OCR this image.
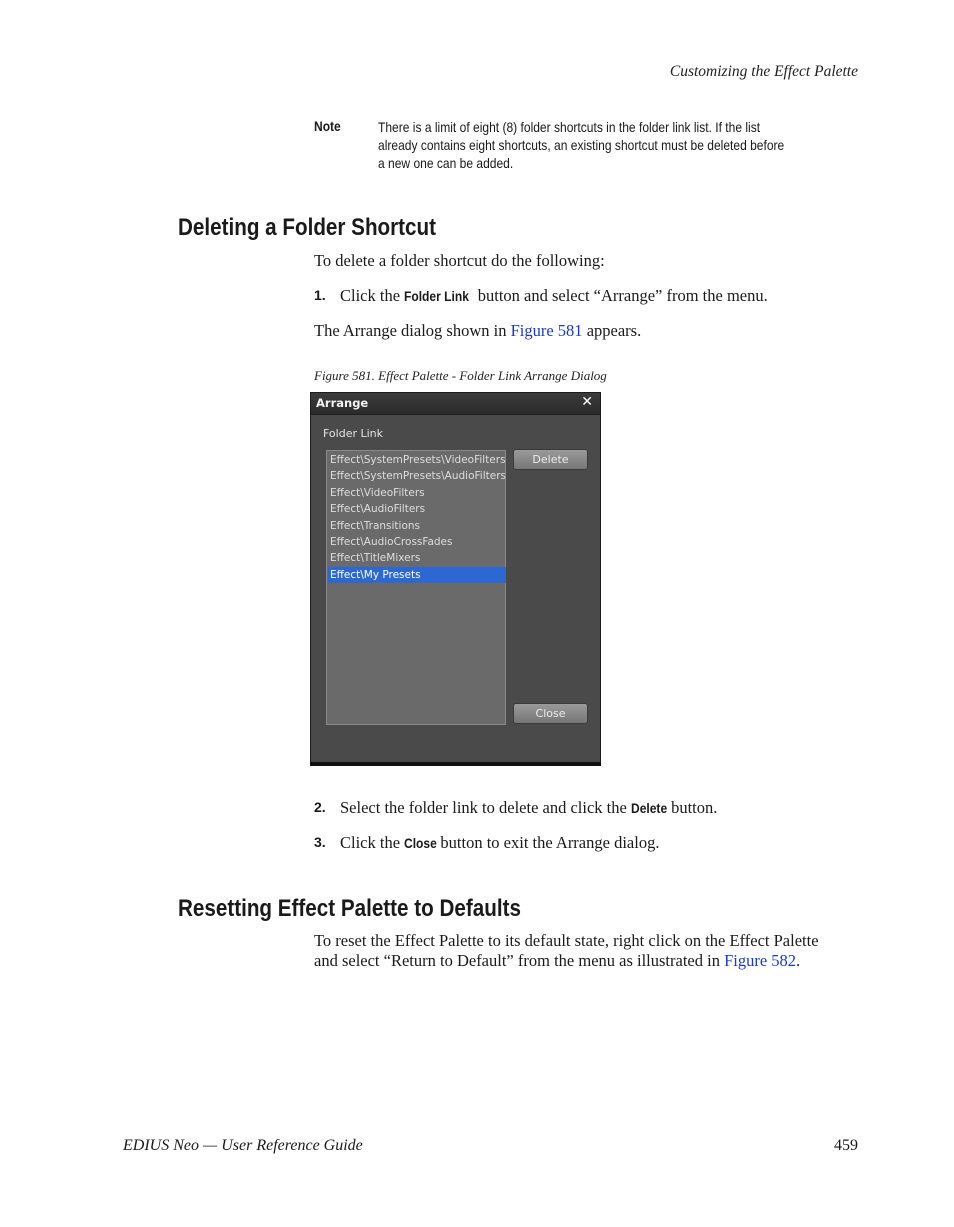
Customizing the Effect Palette
Note	There is a limit of eight (8) folder shortcuts in the folder link list. If the list
already contains eight shortcuts, an existing shortcut must be deleted before
a new one can be added.
Deleting a Folder Shortcut
To delete a folder shortcut do the following:
1. Click the Folder Link button and select “Arrange” from the menu.
The Arrange dialog shown in Figure 581 appears.
Figure 581. Effect Palette - Folder Link Arrange Dialog
Arrange	✕
Folder Link
Effect\SystemPresets\VideoFilters
Effect\SystemPresets\AudioFilters
Effect\VideoFilters
Effect\AudioFilters
Effect\Transitions
Effect\AudioCrossFades
Effect\TitleMixers
Effect\My Presets
Delete
Close
2. Select the folder link to delete and click the Delete button.
3. Click the Close button to exit the Arrange dialog.
Resetting Effect Palette to Defaults
To reset the Effect Palette to its default state, right click on the Effect Palette
and select “Return to Default” from the menu as illustrated in Figure 582.
EDIUS Neo — User Reference Guide	459
